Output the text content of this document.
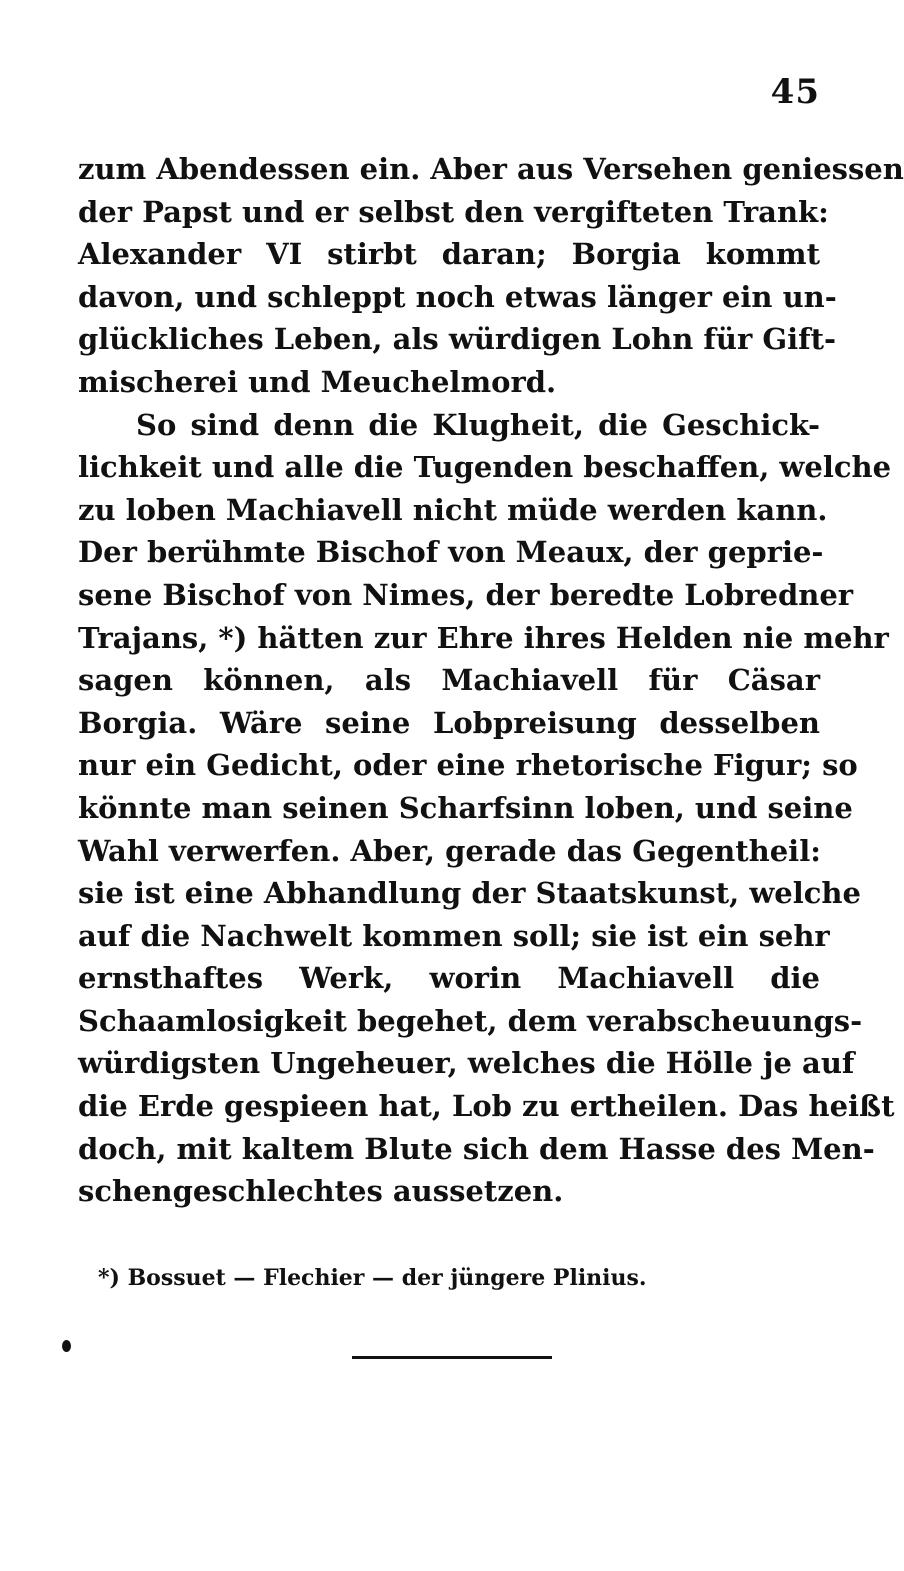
45
zum Abendessen ein. Aber aus Versehen geniessen
der Papst und er selbst den vergifteten Trank:
Alexander VI stirbt daran; Borgia kommt
davon, und schleppt noch etwas länger ein un-
glückliches Leben, als würdigen Lohn für Gift-
mischerei und Meuchelmord.
So sind denn die Klugheit, die Geschick-
lichkeit und alle die Tugenden beschaffen, welche
zu loben Machiavell nicht müde werden kann.
Der berühmte Bischof von Meaux, der geprie-
sene Bischof von Nimes, der beredte Lobredner
Trajans, *) hätten zur Ehre ihres Helden nie mehr
sagen können, als Machiavell für Cäsar
Borgia. Wäre seine Lobpreisung desselben
nur ein Gedicht, oder eine rhetorische Figur; so
könnte man seinen Scharfsinn loben, und seine
Wahl verwerfen. Aber, gerade das Gegentheil:
sie ist eine Abhandlung der Staatskunst, welche
auf die Nachwelt kommen soll; sie ist ein sehr
ernsthaftes Werk, worin Machiavell die
Schaamlosigkeit begehet, dem verabscheuungs-
würdigsten Ungeheuer, welches die Hölle je auf
die Erde gespieen hat, Lob zu ertheilen. Das heißt
doch, mit kaltem Blute sich dem Hasse des Men-
schengeschlechtes aussetzen.
*) Bossuet — Flechier — der jüngere Plinius.
